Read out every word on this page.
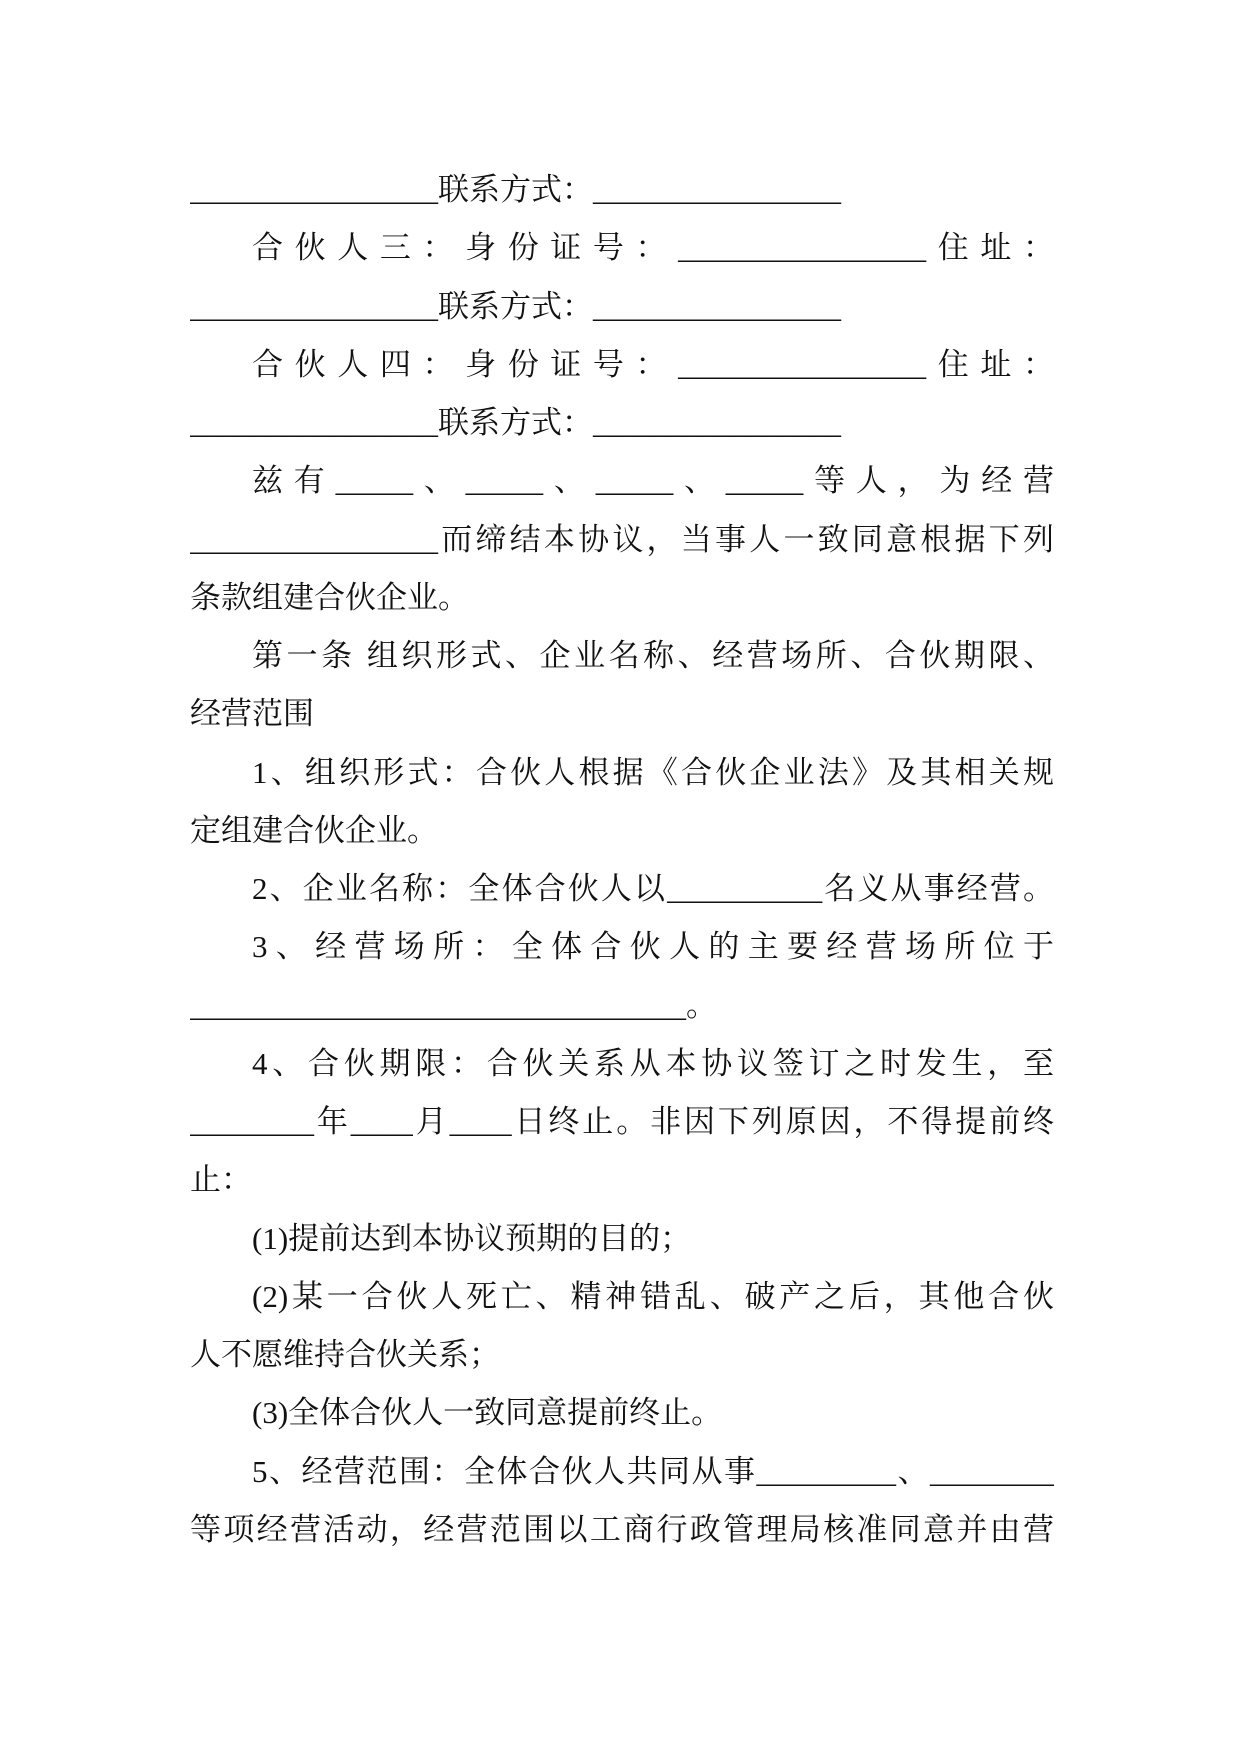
________________联系方式：________________
合伙人三：身份证号：________________住址：
________________联系方式：________________
合伙人四：身份证号：________________住址：
________________联系方式：________________
兹有_____、_____、_____、_____等人，为经营
________________而缔结本协议，当事人一致同意根据下列
条款组建合伙企业。
第一条 组织形式、企业名称、经营场所、合伙期限、
经营范围
1、组织形式：合伙人根据《合伙企业法》及其相关规
定组建合伙企业。
2、企业名称：全体合伙人以__________名义从事经营。
3、经营场所：全体合伙人的主要经营场所位于
________________________________。
4、合伙期限：合伙关系从本协议签订之时发生，至
________年____月____日终止。非因下列原因，不得提前终
止：
(1)提前达到本协议预期的目的；
(2)某一合伙人死亡、精神错乱、破产之后，其他合伙
人不愿维持合伙关系；
(3)全体合伙人一致同意提前终止。
5、经营范围：全体合伙人共同从事_________、________
等项经营活动，经营范围以工商行政管理局核准同意并由营
